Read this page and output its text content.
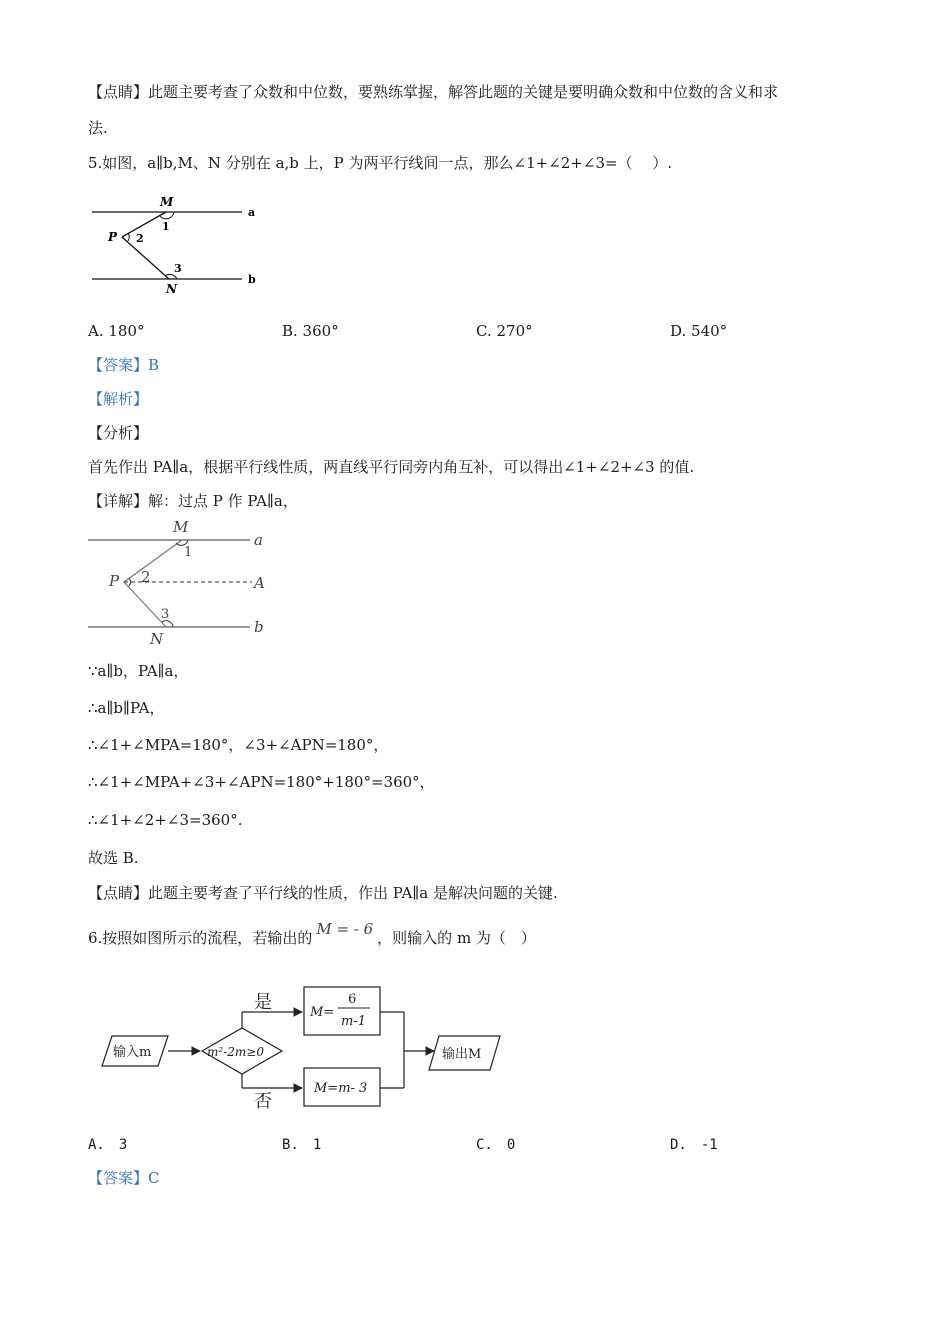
【点睛】此题主要考查了众数和中位数，要熟练掌握，解答此题的关键是要明确众数和中位数的含义和求
法.
5.如图，a∥b,M、N 分别在 a,b 上，P 为两平行线间一点，那么∠1+∠2+∠3=（　 ）.
M
1
P 2
3
N
a
b
A. 180°	B. 360°	C. 270°	D. 540°
【答案】B
【解析】
【分析】
首先作出 PA∥a，根据平行线性质，两直线平行同旁内角互补，可以得出∠1+∠2+∠3 的值.
【详解】解：过点 P 作 PA∥a，
M
1
P 2	A
3
N
a
b
∵a∥b，PA∥a，
∴a∥b∥PA，
∴∠1+∠MPA=180°，∠3+∠APN=180°，
∴∠1+∠MPA+∠3+∠APN=180°+180°=360°，
∴∠1+∠2+∠3=360°.
故选 B.
【点睛】此题主要考查了平行线的性质，作出 PA∥a 是解决问题的关键.
6.按照如图所示的流程，若输出的 M = - 6 ，则输入的 m 为（　）
输入m	m²-2m≥0
是
否
M=
6
m-1
M=m- 3
输出M
A.　3	B.　1	C.　0	D.　-1
【答案】C
